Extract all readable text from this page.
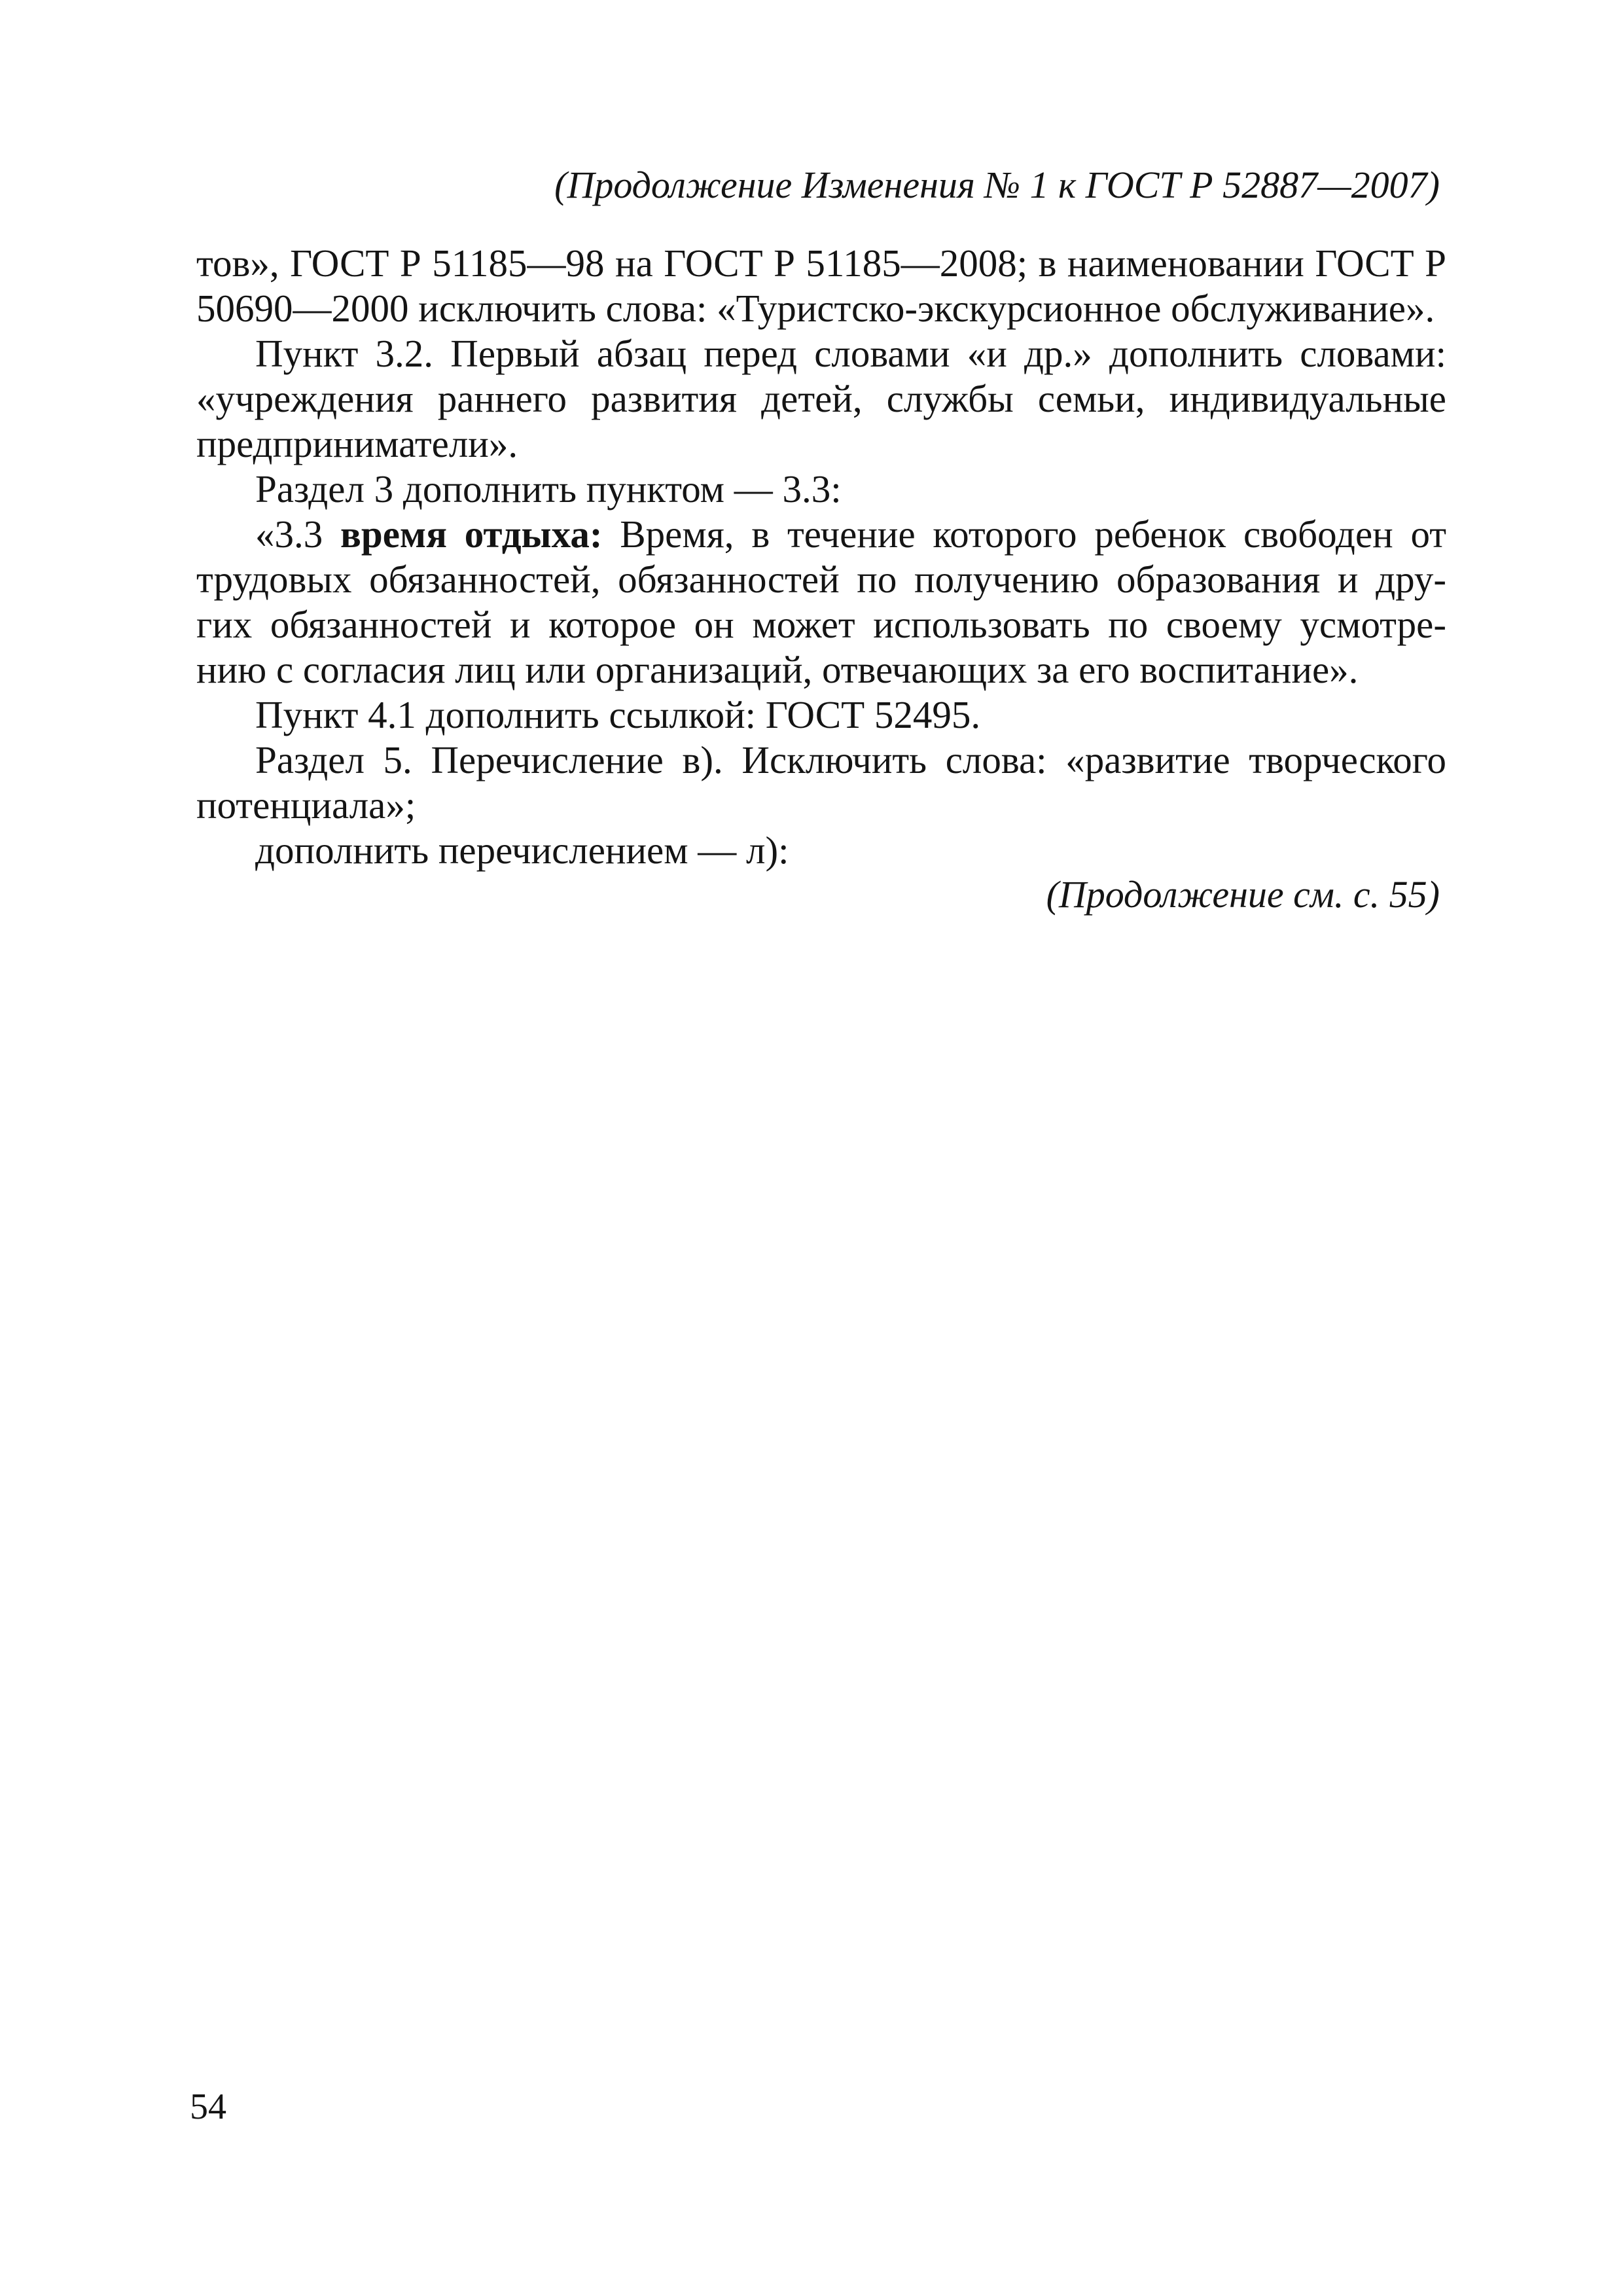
(Продолжение Изменения № 1 к ГОСТ Р 52887—2007)
тов», ГОСТ Р 51185—98 на ГОСТ Р 51185—2008; в наименовании ГОСТ Р
50690—2000 исключить слова: «Туристско-экскурсионное обслуживание».
Пункт 3.2. Первый абзац перед словами «и др.» дополнить словами:
«учреждения раннего развития детей, службы семьи, индивидуальные
предприниматели».
Раздел 3 дополнить пунктом — 3.3:
«3.3 время отдыха: Время, в течение которого ребенок свободен от
трудовых обязанностей, обязанностей по получению образования и дру-
гих обязанностей и которое он может использовать по своему усмотре-
нию с согласия лиц или организаций, отвечающих за его воспитание».
Пункт 4.1 дополнить ссылкой: ГОСТ 52495.
Раздел 5. Перечисление в). Исключить слова: «развитие творческого
потенциала»;
дополнить перечислением — л):
(Продолжение см. с. 55)
54
